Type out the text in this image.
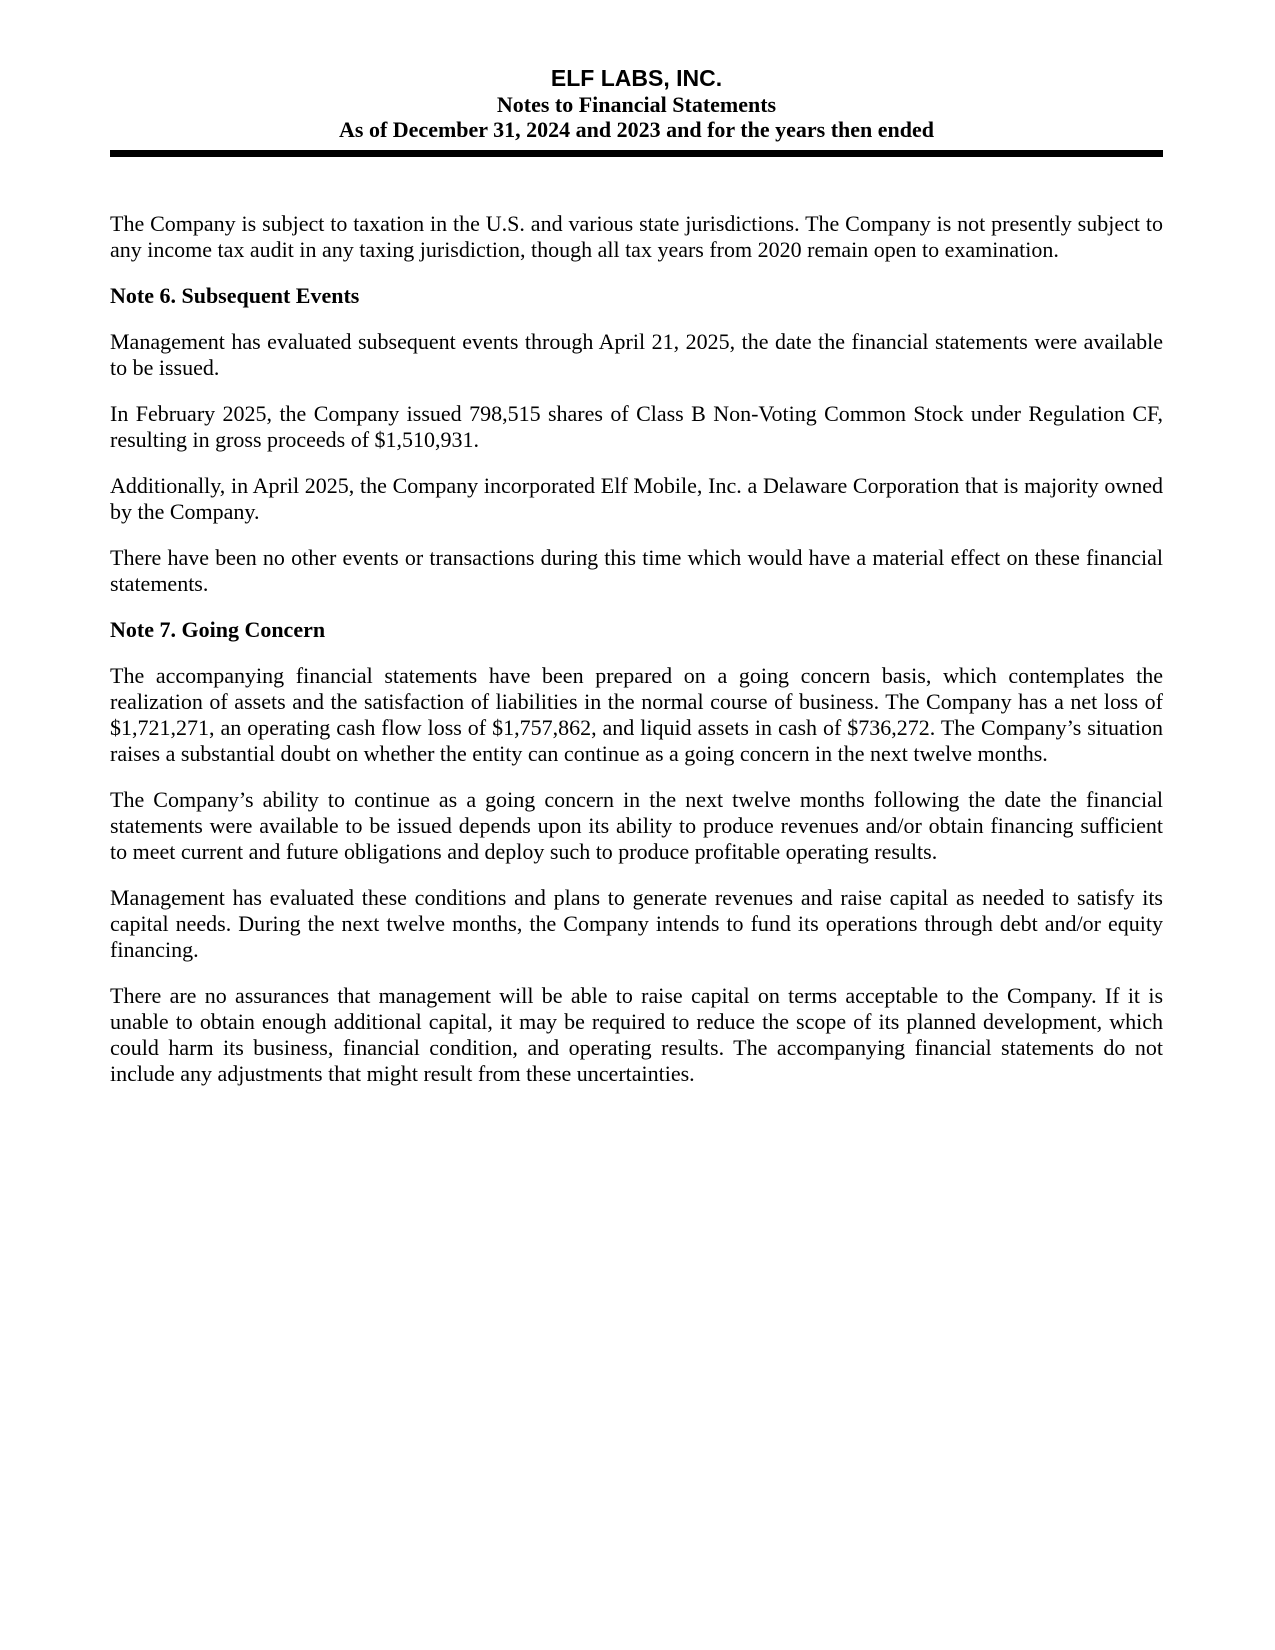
ELF LABS, INC.
Notes to Financial Statements
As of December 31, 2024 and 2023 and for the years then ended

The Company is subject to taxation in the U.S. and various state jurisdictions. The Company is not presently subject to any income tax audit in any taxing jurisdiction, though all tax years from 2020 remain open to examination.

Note 6. Subsequent Events

Management has evaluated subsequent events through April 21, 2025, the date the financial statements were available to be issued.

In February 2025, the Company issued 798,515 shares of Class B Non-Voting Common Stock under Regulation CF, resulting in gross proceeds of $1,510,931.

Additionally, in April 2025, the Company incorporated Elf Mobile, Inc. a Delaware Corporation that is majority owned by the Company.

There have been no other events or transactions during this time which would have a material effect on these financial statements.

Note 7. Going Concern

The accompanying financial statements have been prepared on a going concern basis, which contemplates the realization of assets and the satisfaction of liabilities in the normal course of business. The Company has a net loss of $1,721,271, an operating cash flow loss of $1,757,862, and liquid assets in cash of $736,272. The Company’s situation raises a substantial doubt on whether the entity can continue as a going concern in the next twelve months.

The Company’s ability to continue as a going concern in the next twelve months following the date the financial statements were available to be issued depends upon its ability to produce revenues and/or obtain financing sufficient to meet current and future obligations and deploy such to produce profitable operating results.

Management has evaluated these conditions and plans to generate revenues and raise capital as needed to satisfy its capital needs. During the next twelve months, the Company intends to fund its operations through debt and/or equity financing.

There are no assurances that management will be able to raise capital on terms acceptable to the Company. If it is unable to obtain enough additional capital, it may be required to reduce the scope of its planned development, which could harm its business, financial condition, and operating results. The accompanying financial statements do not include any adjustments that might result from these uncertainties.
